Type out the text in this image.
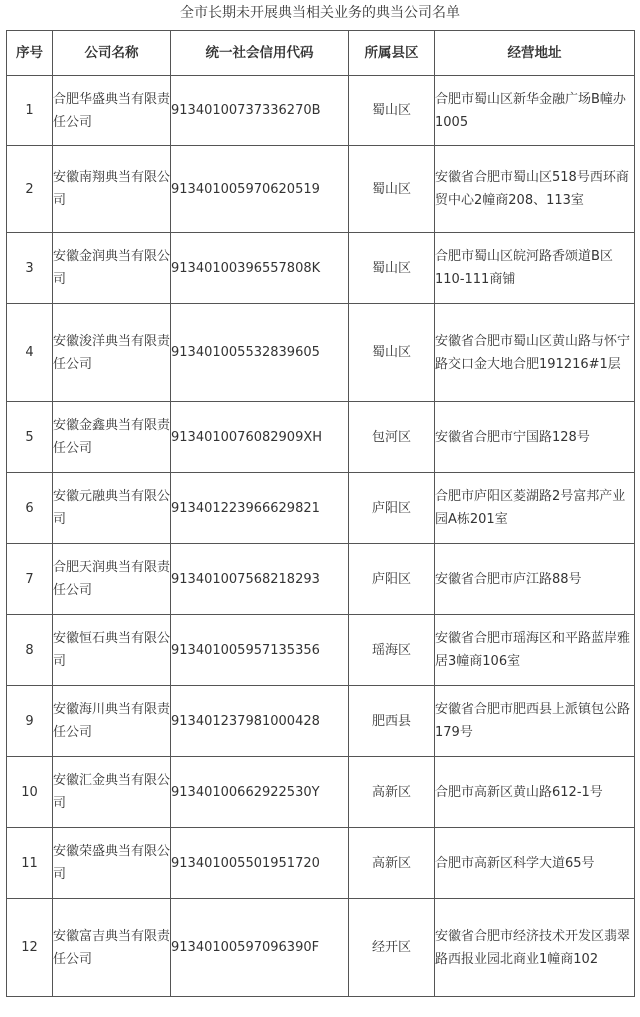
全市长期未开展典当相关业务的典当公司名单
序号	公司名称	统一社会信用代码	所属县区	经营地址
1	合肥华盛典当有限责任公司	91340100737336270B	蜀山区	合肥市蜀山区新华金融广场B幢办1005
2	安徽南翔典当有限公司	913401005970620519	蜀山区	安徽省合肥市蜀山区518号西环商贸中心2幢商208、113室
3	安徽金润典当有限公司	91340100396557808K	蜀山区	合肥市蜀山区皖河路香颂道B区110-111商铺
4	安徽浚洋典当有限责任公司	913401005532839605	蜀山区	安徽省合肥市蜀山区黄山路与怀宁路交口金大地合肥191216#1层
5	安徽金鑫典当有限责任公司	9134010076082909XH	包河区	安徽省合肥市宁国路128号
6	安徽元融典当有限公司	913401223966629821	庐阳区	合肥市庐阳区菱湖路2号富邦产业园A栋201室
7	合肥天润典当有限责任公司	913401007568218293	庐阳区	安徽省合肥市庐江路88号
8	安徽恒石典当有限公司	913401005957135356	瑶海区	安徽省合肥市瑶海区和平路蓝岸雅居3幢商106室
9	安徽海川典当有限责任公司	913401237981000428	肥西县	安徽省合肥市肥西县上派镇包公路179号
10	安徽汇金典当有限公司	91340100662922530Y	高新区	合肥市高新区黄山路612-1号
11	安徽荣盛典当有限公司	913401005501951720	高新区	合肥市高新区科学大道65号
12	安徽富吉典当有限责任公司	91340100597096390F	经开区	安徽省合肥市经济技术开发区翡翠路西报业园北商业1幢商102
